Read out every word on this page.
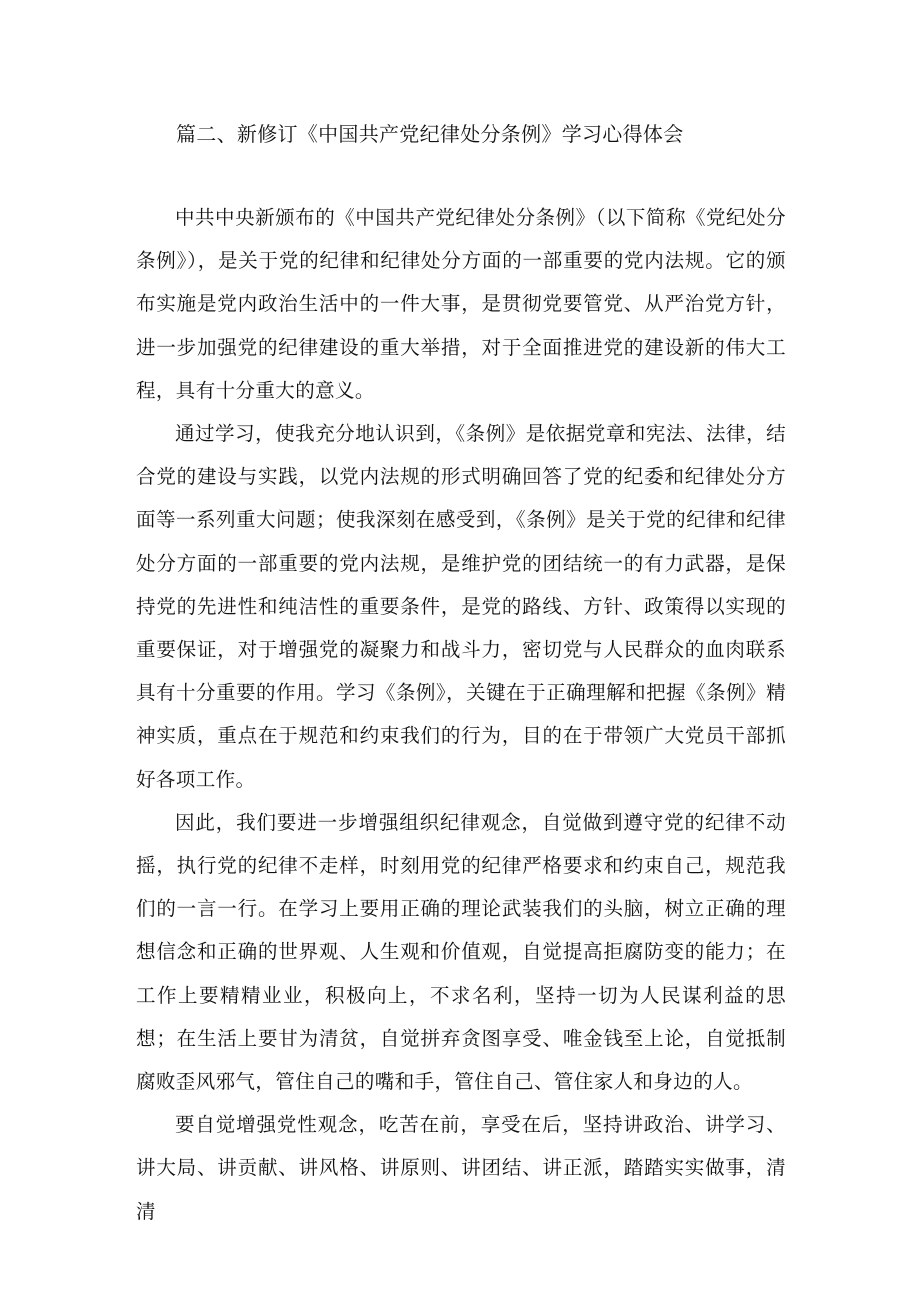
篇二、新修订《中国共产党纪律处分条例》学习心得体会

中共中央新颁布的《中国共产党纪律处分条例》（以下简称《党纪处分条例》），是关于党的纪律和纪律处分方面的一部重要的党内法规。它的颁布实施是党内政治生活中的一件大事，是贯彻党要管党、从严治党方针，进一步加强党的纪律建设的重大举措，对于全面推进党的建设新的伟大工程，具有十分重大的意义。

通过学习，使我充分地认识到，《条例》是依据党章和宪法、法律，结合党的建设与实践，以党内法规的形式明确回答了党的纪委和纪律处分方面等一系列重大问题；使我深刻在感受到，《条例》是关于党的纪律和纪律处分方面的一部重要的党内法规，是维护党的团结统一的有力武器，是保持党的先进性和纯洁性的重要条件，是党的路线、方针、政策得以实现的重要保证，对于增强党的凝聚力和战斗力，密切党与人民群众的血肉联系具有十分重要的作用。学习《条例》，关键在于正确理解和把握《条例》精神实质，重点在于规范和约束我们的行为，目的在于带领广大党员干部抓好各项工作。

因此，我们要进一步增强组织纪律观念，自觉做到遵守党的纪律不动摇，执行党的纪律不走样，时刻用党的纪律严格要求和约束自己，规范我们的一言一行。在学习上要用正确的理论武装我们的头脑，树立正确的理想信念和正确的世界观、人生观和价值观，自觉提高拒腐防变的能力；在工作上要精精业业，积极向上，不求名利，坚持一切为人民谋利益的思想；在生活上要甘为清贫，自觉拼弃贪图享受、唯金钱至上论，自觉抵制腐败歪风邪气，管住自己的嘴和手，管住自己、管住家人和身边的人。

要自觉增强党性观念，吃苦在前，享受在后，坚持讲政治、讲学习、讲大局、讲贡献、讲风格、讲原则、讲团结、讲正派，踏踏实实做事，清清
